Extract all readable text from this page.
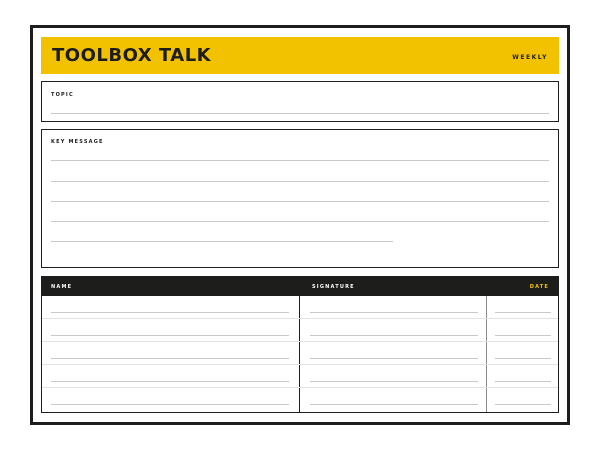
TOOLBOX TALK	WEEKLY
TOPIC
KEY MESSAGE
NAME	SIGNATURE	DATE
